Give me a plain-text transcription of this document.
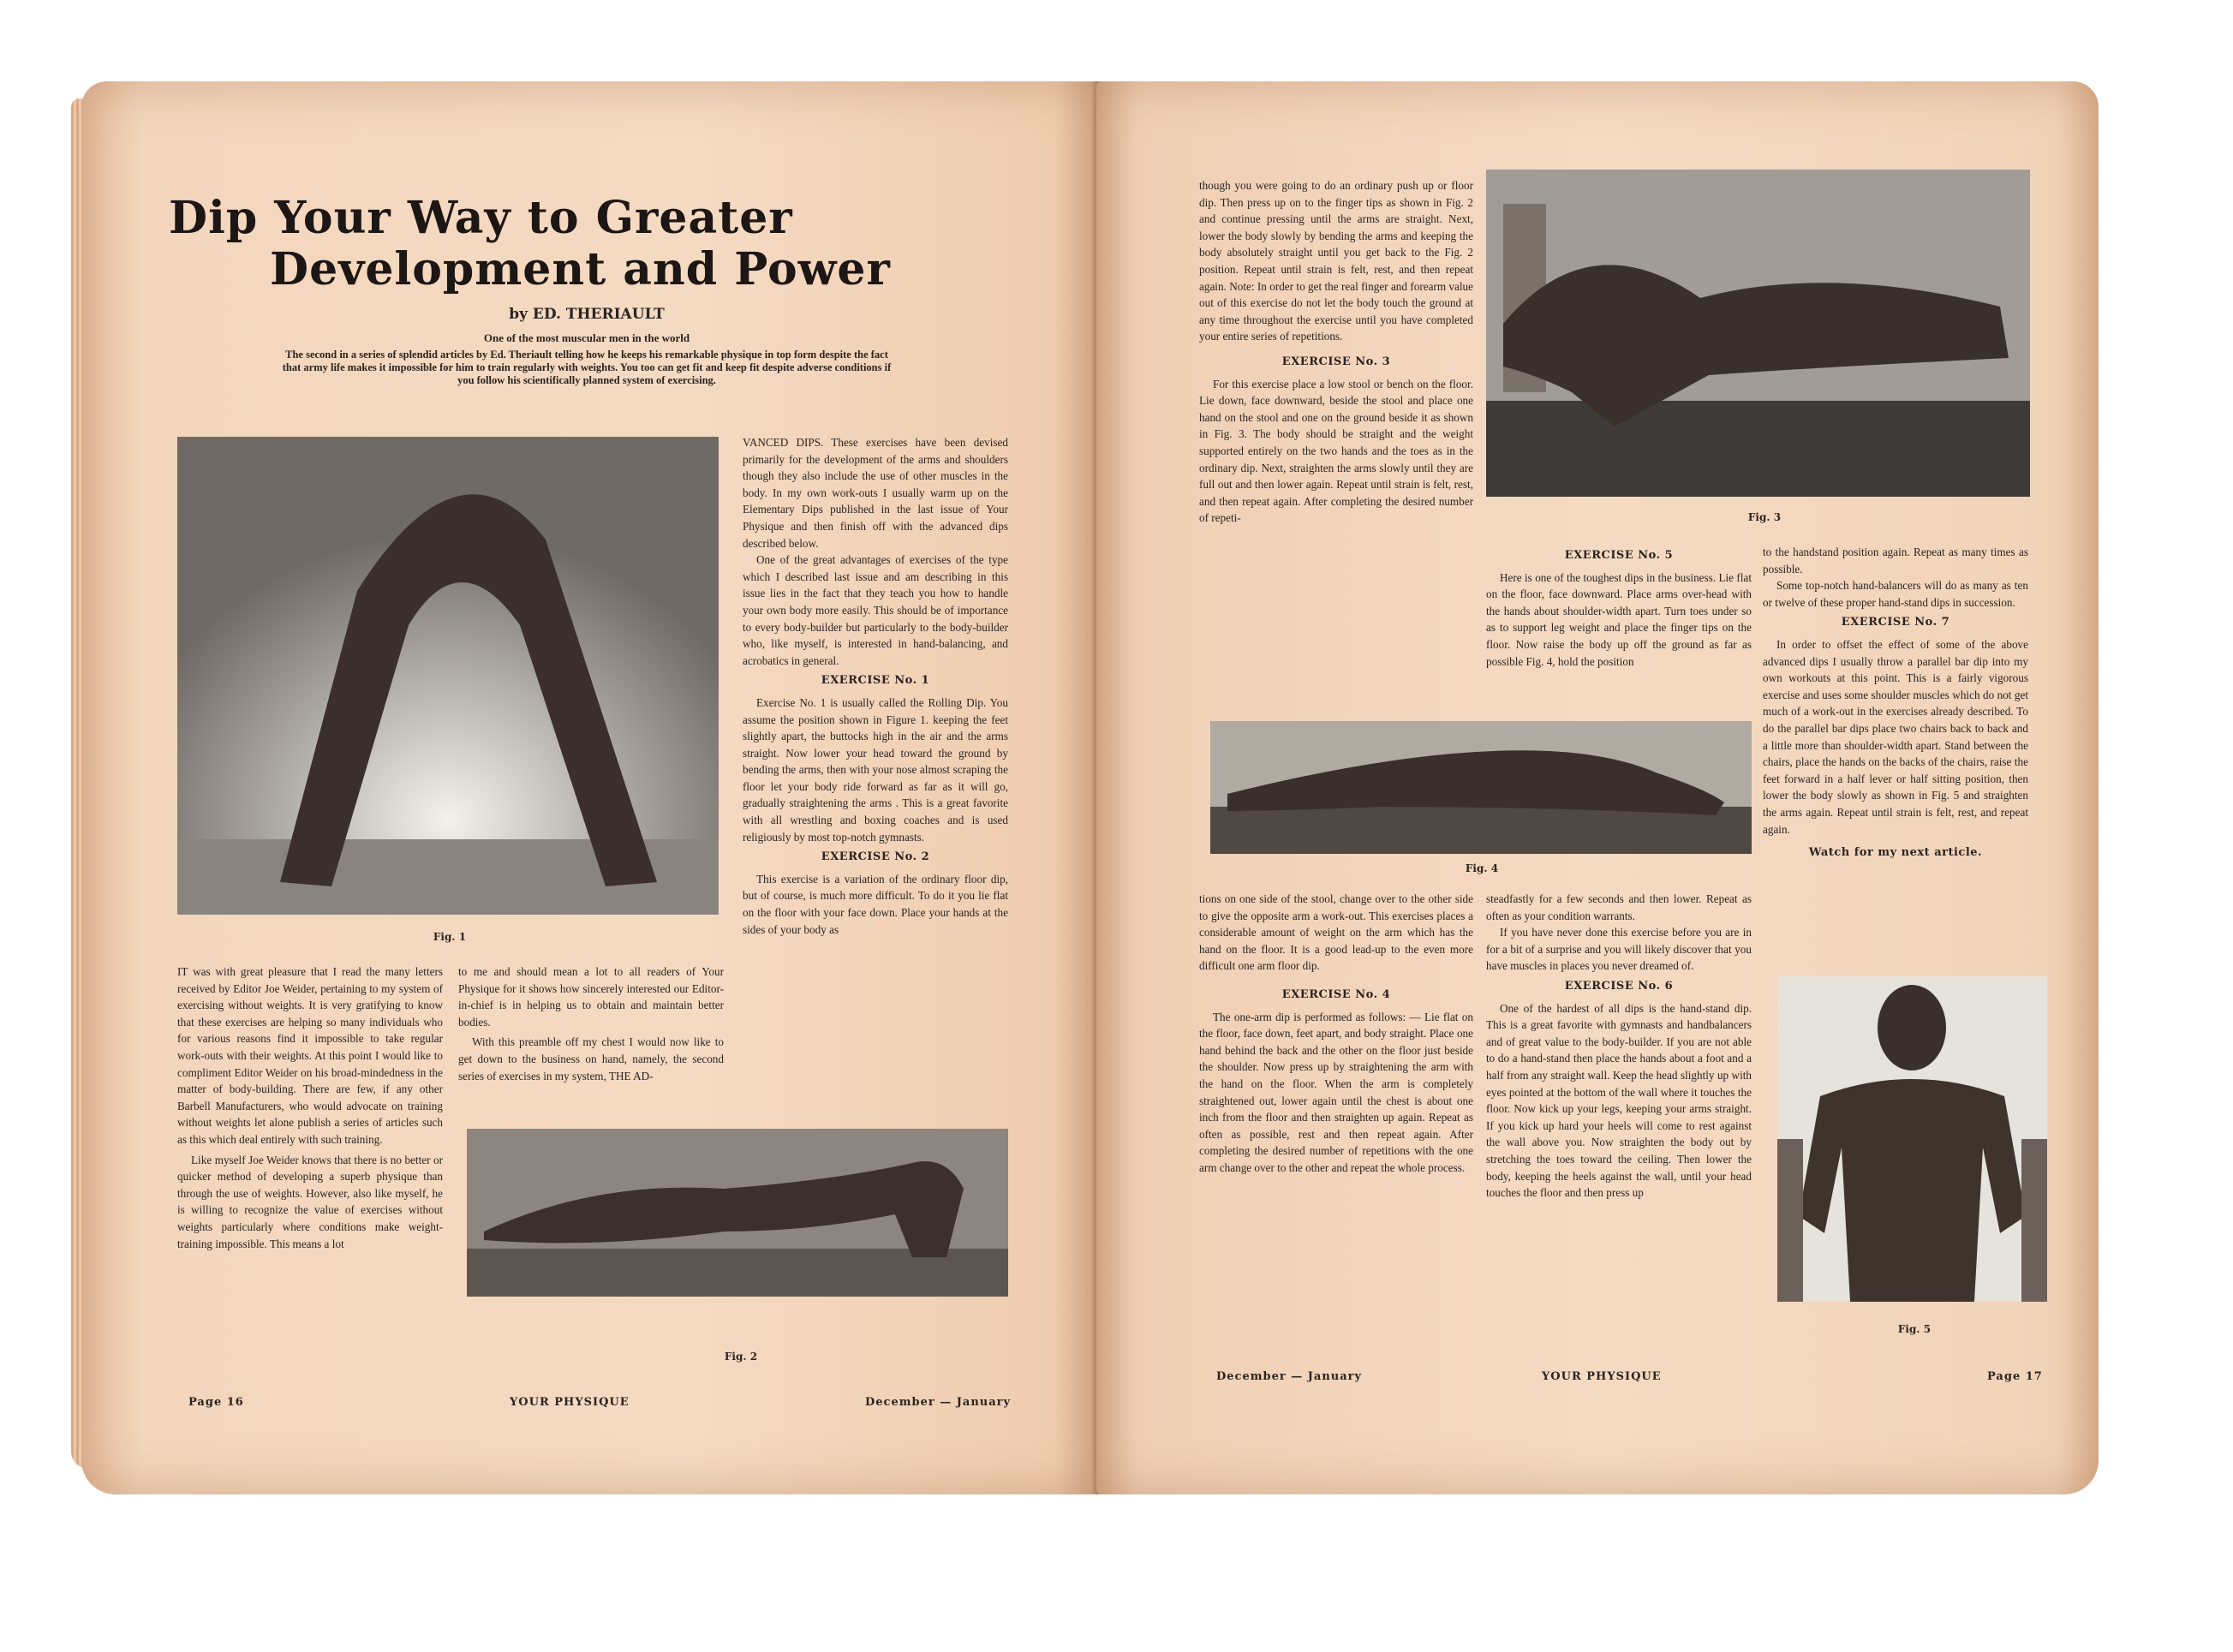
Dip Your Way to Greater
Development and Power
by ED. THERIAULT
One of the most muscular men in the world
The second in a series of splendid articles by Ed. Theriault telling how he keeps his remarkable physique in top form despite the fact that army life makes it impossible for him to train regularly with weights. You too can get fit and keep fit despite adverse conditions if you follow his scientifically planned system of exercising.
Fig. 1

IT was with great pleasure that I read the many letters received by Editor Joe Weider, pertaining to my system of exercising without weights. It is very gratifying to know that these exercises are helping so many individuals who for various reasons find it impossible to take regular work-outs with their weights. At this point I would like to compliment Editor Weider on his broad-mindedness in the matter of body-building. There are few, if any other Barbell Manufacturers, who would advocate on training without weights let alone publish a series of articles such as this which deal entirely with such training.

Like myself Joe Weider knows that there is no better or quicker method of developing a superb physique than through the use of weights. However, also like myself, he is willing to recognize the value of exercises without weights particularly where conditions make weight-training impossible. This means a lot

to me and should mean a lot to all readers of Your Physique for it shows how sincerely interested our Editor-in-chief is in helping us to obtain and maintain better bodies.

With this preamble off my chest I would now like to get down to the business on hand, namely, the second series of exercises in my system, THE AD-

VANCED DIPS. These exercises have been devised primarily for the development of the arms and shoulders though they also include the use of other muscles in the body. In my own work-outs I usually warm up on the Elementary Dips published in the last issue of Your Physique and then finish off with the advanced dips described below.

One of the great advantages of exercises of the type which I described last issue and am describing in this issue lies in the fact that they teach you how to handle your own body more easily. This should be of importance to every body-builder but particularly to the body-builder who, like myself, is interested in hand-balancing, and acrobatics in general.

EXERCISE No. 1

Exercise No. 1 is usually called the Rolling Dip. You assume the position shown in Figure 1. keeping the feet slightly apart, the buttocks high in the air and the arms straight. Now lower your head toward the ground by bending the arms, then with your nose almost scraping the floor let your body ride forward as far as it will go, gradually straightening the arms . This is a great favorite with all wrestling and boxing coaches and is used religiously by most top-notch gymnasts.

EXERCISE No. 2

This exercise is a variation of the ordinary floor dip, but of course, is much more difficult. To do it you lie flat on the floor with your face down. Place your hands at the sides of your body as

Fig. 2
Page 16	YOUR PHYSIQUE	December — January

though you were going to do an ordinary push up or floor dip. Then press up on to the finger tips as shown in Fig. 2 and continue pressing until the arms are straight. Next, lower the body slowly by bending the arms and keeping the body absolutely straight until you get back to the Fig. 2 position. Repeat until strain is felt, rest, and then repeat again. Note: In order to get the real finger and forearm value out of this exercise do not let the body touch the ground at any time throughout the exercise until you have completed your entire series of repetitions.

EXERCISE No. 3

For this exercise place a low stool or bench on the floor. Lie down, face downward, beside the stool and place one hand on the stool and one on the ground beside it as shown in Fig. 3. The body should be straight and the weight supported entirely on the two hands and the toes as in the ordinary dip. Next, straighten the arms slowly until they are full out and then lower again. Repeat until strain is felt, rest, and then repeat again. After completing the desired number of repeti-	Fig. 3
EXERCISE No. 5

Here is one of the toughest dips in the business. Lie flat on the floor, face downward. Place arms over-head with the hands about shoulder-width apart. Turn toes under so as to support leg weight and place the finger tips on the floor. Now raise the body up off the ground as far as possible Fig. 4, hold the position

to the handstand position again. Repeat as many times as possible.

Some top-notch hand-balancers will do as many as ten or twelve of these proper hand-stand dips in succession.

EXERCISE No. 7

In order to offset the effect of some of the above advanced dips I usually throw a parallel bar dip into my own workouts at this point. This is a fairly vigorous exercise and uses some shoulder muscles which do not get much of a work-out in the exercises already described. To do the parallel bar dips place two chairs back to back and a little more than shoulder-width apart. Stand between the chairs, place the hands on the backs of the chairs, raise the feet forward in a half lever or half sitting position, then lower the body slowly as shown in Fig. 5 and straighten the arms again. Repeat until strain is felt, rest, and repeat again.

Watch for my next article.
Fig. 4

tions on one side of the stool, change over to the other side to give the opposite arm a work-out. This exercises places a considerable amount of weight on the arm which has the hand on the floor. It is a good lead-up to the even more difficult one arm floor dip.

EXERCISE No. 4

The one-arm dip is performed as follows: — Lie flat on the floor, face down, feet apart, and body straight. Place one hand behind the back and the other on the floor just beside the shoulder. Now press up by straightening the arm with the hand on the floor. When the arm is completely straightened out, lower again until the chest is about one inch from the floor and then straighten up again. Repeat as often as possible, rest and then repeat again. After completing the desired number of repetitions with the one arm change over to the other and repeat the whole process.

steadfastly for a few seconds and then lower. Repeat as often as your condition warrants.

If you have never done this exercise before you are in for a bit of a surprise and you will likely discover that you have muscles in places you never dreamed of.

EXERCISE No. 6

One of the hardest of all dips is the hand-stand dip. This is a great favorite with gymnasts and handbalancers and of great value to the body-builder. If you are not able to do a hand-stand then place the hands about a foot and a half from any straight wall. Keep the head slightly up with eyes pointed at the bottom of the wall where it touches the floor. Now kick up your legs, keeping your arms straight. If you kick up hard your heels will come to rest against the wall above you. Now straighten the body out by stretching the toes toward the ceiling. Then lower the body, keeping the heels against the wall, until your head touches the floor and then press up

Fig. 5
December — January	YOUR PHYSIQUE	Page 17
